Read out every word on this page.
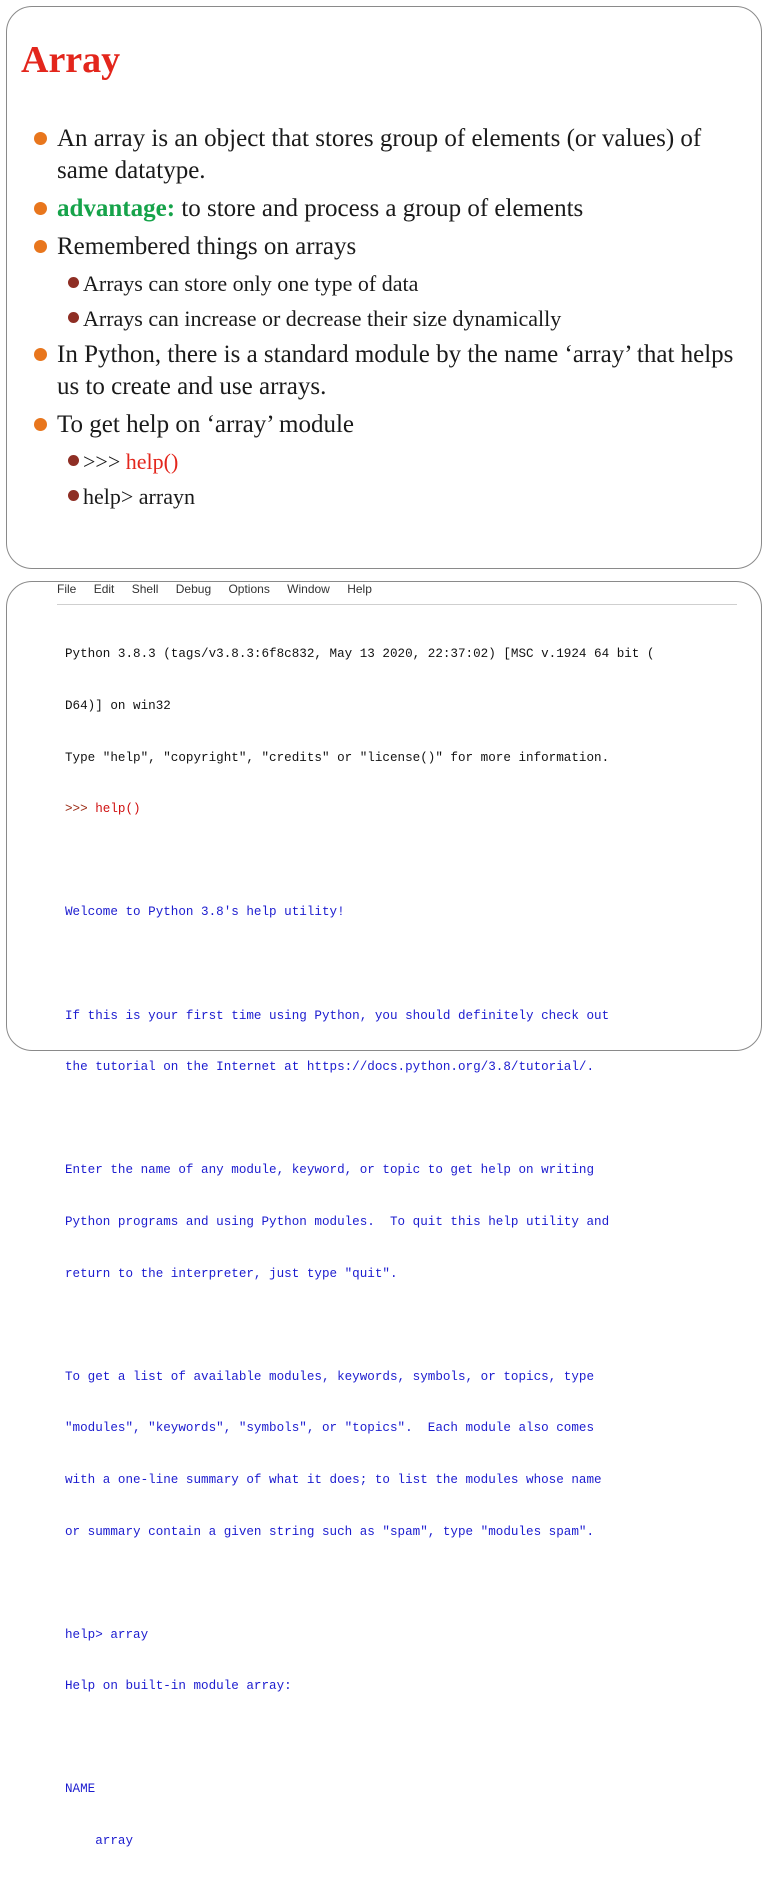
Array
An array is an object that stores group of elements (or values) of same datatype.
advantage: to store and process a group of elements
Remembered things on arrays
Arrays can store only one type of data
Arrays can increase or decrease their size dynamically
In Python, there is a standard module by the name ‘array’ that helps us to create and use arrays.
To get help on ‘array’ module
>>> help()
help> arrayn
File Edit Shell Debug Options Window Help

Python 3.8.3 (tags/v3.8.3:6f8c832, May 13 2020, 22:37:02) [MSC v.1924 64 bit (

D64)] on win32

Type "help", "copyright", "credits" or "license()" for more information.

>>> help()

Welcome to Python 3.8's help utility!

If this is your first time using Python, you should definitely check out

the tutorial on the Internet at https://docs.python.org/3.8/tutorial/.

Enter the name of any module, keyword, or topic to get help on writing

Python programs and using Python modules.  To quit this help utility and

return to the interpreter, just type "quit".

To get a list of available modules, keywords, symbols, or topics, type

"modules", "keywords", "symbols", or "topics".  Each module also comes

with a one-line summary of what it does; to list the modules whose name

or summary contain a given string such as "spam", type "modules spam".

help> array

Help on built-in module array:

NAME

array
